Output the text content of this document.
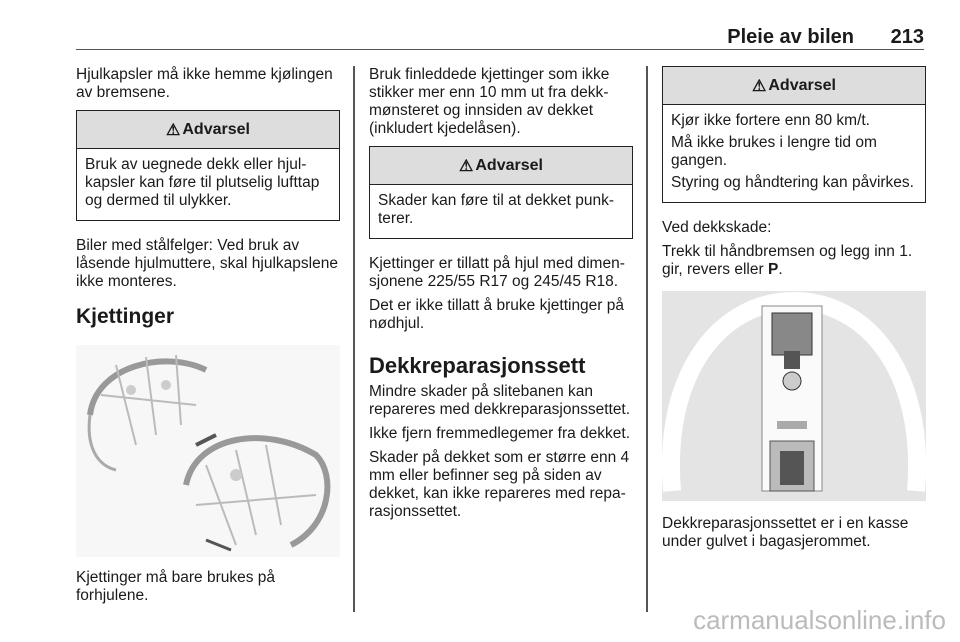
Pleie av bilen 213

Hjulkapsler må ikke hemme kjølingen av bremsene.

⚠ Advarsel

Bruk av uegnede dekk eller hjulkapsler kan føre til plutselig lufttap og dermed til ulykker.

Biler med stålfelger: Ved bruk av låsende hjulmuttere, skal hjulkapslene ikke monteres.

Kjettinger

Kjettinger må bare brukes på forhjulene.

Bruk finleddede kjettinger som ikke stikker mer enn 10 mm ut fra dekkmønsteret og innsiden av dekket (inkludert kjedelåsen).

⚠ Advarsel

Skader kan føre til at dekket punkterer.

Kjettinger er tillatt på hjul med dimensjonene 225/55 R17 og 245/45 R18.

Det er ikke tillatt å bruke kjettinger på nødhjul.

Dekkreparasjonssett

Mindre skader på slitebanen kan repareres med dekkreparasjonssettet.

Ikke fjern fremmedlegemer fra dekket.

Skader på dekket som er større enn 4 mm eller befinner seg på siden av dekket, kan ikke repareres med reparasjonssettet.

⚠ Advarsel

Kjør ikke fortere enn 80 km/t.

Må ikke brukes i lengre tid om gangen.

Styring og håndtering kan påvirkes.

Ved dekkskade:

Trekk til håndbremsen og legg inn 1. gir, revers eller P.

Dekkreparasjonssettet er i en kasse under gulvet i bagasjerommet.

carmanualsonline.info
